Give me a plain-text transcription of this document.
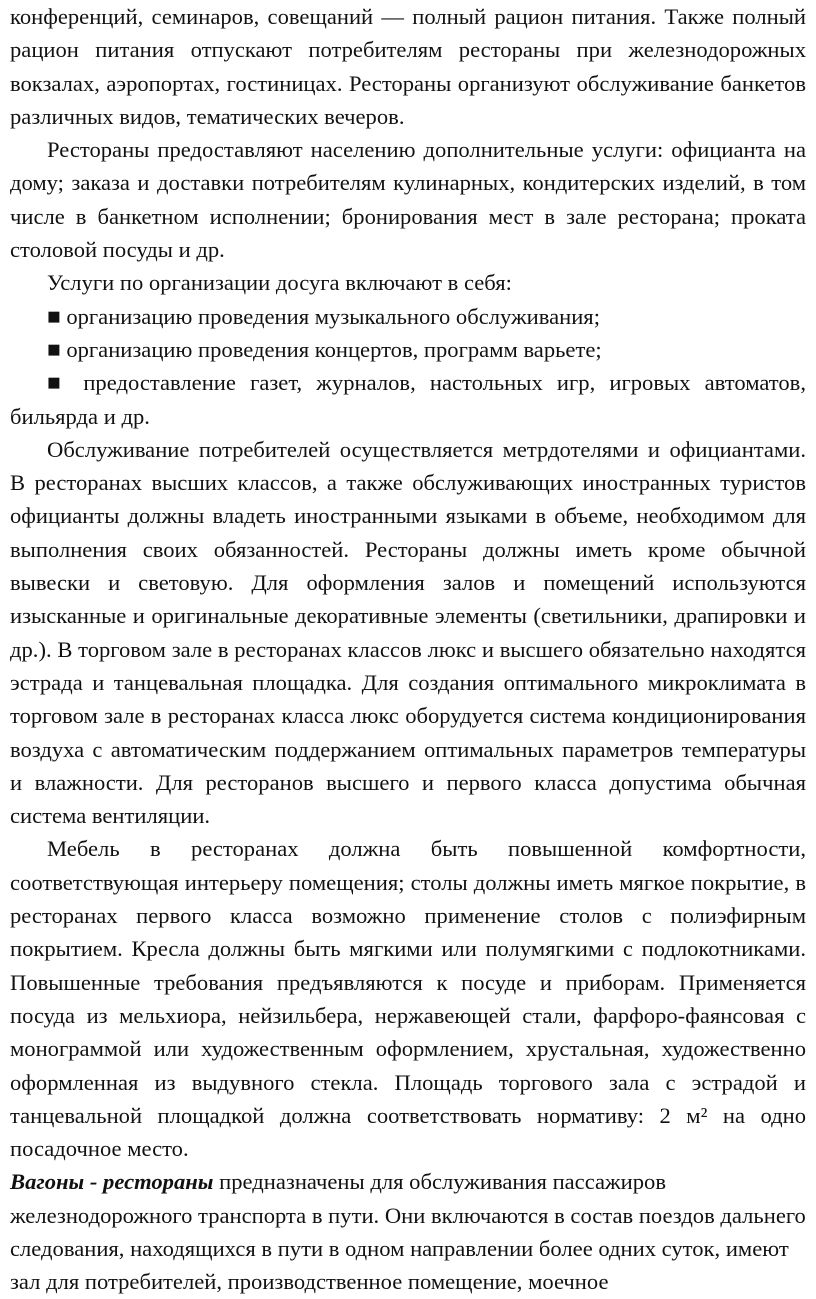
конференций, семинаров, совещаний — полный рацион питания. Также полный рацион питания отпускают потребителям рестораны при железнодорожных вокзалах, аэропортах, гостиницах. Рестораны организуют обслуживание банкетов различных видов, тематических вечеров.

Рестораны предоставляют населению дополнительные услуги: официанта на дому; заказа и доставки потребителям кулинарных, кондитерских изделий, в том числе в банкетном исполнении; бронирования мест в зале ресторана; проката столовой посуды и др.

Услуги по организации досуга включают в себя:

■ организацию проведения музыкального обслуживания;

■ организацию проведения концертов, программ варьете;

■ предоставление газет, журналов, настольных игр, игровых автоматов, бильярда и др.

Обслуживание потребителей осуществляется метрдотелями и официантами. В ресторанах высших классов, а также обслуживающих иностранных туристов официанты должны владеть иностранными языками в объеме, необходимом для выполнения своих обязанностей. Рестораны должны иметь кроме обычной вывески и световую. Для оформления залов и помещений используются изысканные и оригинальные декоративные элементы (светильники, драпировки и др.). В торговом зале в ресторанах классов люкс и высшего обязательно находятся эстрада и танцевальная площадка. Для создания оптимального микроклимата в торговом зале в ресторанах класса люкс оборудуется система кондиционирования воздуха с автоматическим поддержанием оптимальных параметров температуры и влажности. Для ресторанов высшего и первого класса допустима обычная система вентиляции.

Мебель в ресторанах должна быть повышенной комфортности, соответствующая интерьеру помещения; столы должны иметь мягкое покрытие, в ресторанах первого класса возможно применение столов с полиэфирным покрытием. Кресла должны быть мягкими или полумягкими с подлокотниками. Повышенные требования предъявляются к посуде и приборам. Применяется посуда из мельхиора, нейзильбера, нержавеющей стали, фарфоро-фаянсовая с монограммой или художественным оформлением, хрустальная, художественно оформленная из выдувного стекла. Площадь торгового зала с эстрадой и танцевальной площадкой должна соответствовать нормативу: 2 м² на одно посадочное место.

Вагоны - рестораны предназначены для обслуживания пассажиров железнодорожного транспорта в пути. Они включаются в состав поездов дальнего следования, находящихся в пути в одном направлении более одних суток, имеют зал для потребителей, производственное помещение, моечное
